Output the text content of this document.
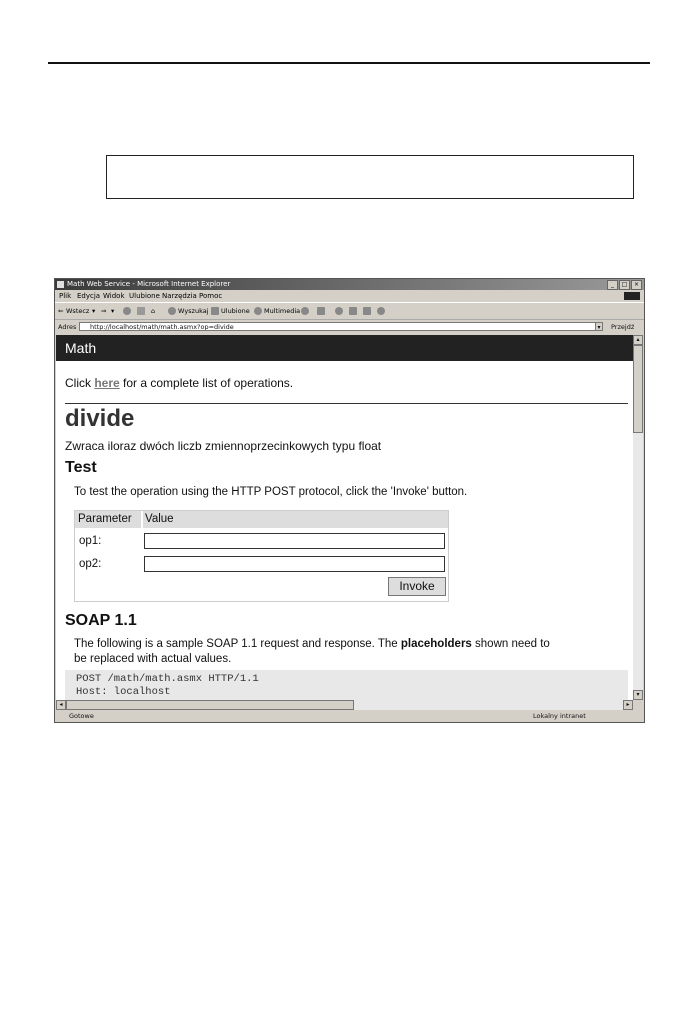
Math Web Service - Microsoft Internet Explorer	_	□	×
Plik Edycja Widok Ulubione Narzędzia Pomoc
⇐ Wstecz ▾ ⇒ ▾	⌂	Wyszukaj Ulubione Multimedia
Adres	http://localhost/math/math.asmx?op=divide	▾	Przejdź
Math
Click here for a complete list of operations.
divide
Zwraca iloraz dwóch liczb zmiennoprzecinkowych typu float
Test
To test the operation using the HTTP POST protocol, click the 'Invoke' button.
Parameter Value
op1:
op2:
Invoke
SOAP 1.1
The following is a sample SOAP 1.1 request and response. The placeholders shown need to
be replaced with actual values.
POST /math/math.asmx HTTP/1.1
Host: localhost
▴
▾
◂	▸
Gotowe	Lokalny intranet
